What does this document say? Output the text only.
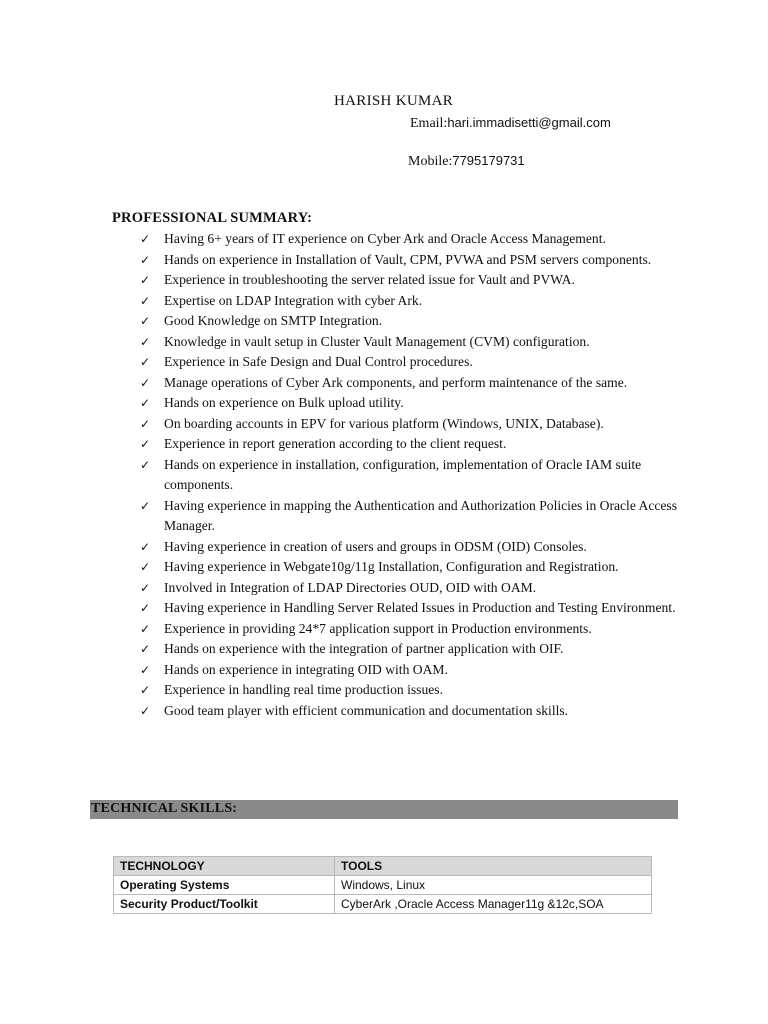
HARISH KUMAR
Email:hari.immadisetti@gmail.com
Mobile:7795179731
PROFESSIONAL SUMMARY:
✓ Having 6+ years of IT experience on Cyber Ark and Oracle Access Management.
✓ Hands on experience in Installation of Vault, CPM, PVWA and PSM servers components.
✓ Experience in troubleshooting the server related issue for Vault and PVWA.
✓ Expertise on LDAP Integration with cyber Ark.
✓ Good Knowledge on SMTP Integration.
✓ Knowledge in vault setup in Cluster Vault Management (CVM) configuration.
✓ Experience in Safe Design and Dual Control procedures.
✓ Manage operations of Cyber Ark components, and perform maintenance of the same.
✓ Hands on experience on Bulk upload utility.
✓ On boarding accounts in EPV for various platform (Windows, UNIX, Database).
✓ Experience in report generation according to the client request.
✓ Hands on experience in installation, configuration, implementation of Oracle IAM suite components.
✓ Having experience in mapping the Authentication and Authorization Policies in Oracle Access Manager.
✓ Having experience in creation of users and groups in ODSM (OID) Consoles.
✓ Having experience in Webgate10g/11g Installation, Configuration and Registration.
✓ Involved in Integration of LDAP Directories OUD, OID with OAM.
✓ Having experience in Handling Server Related Issues in Production and Testing Environment.
✓ Experience in providing 24*7 application support in Production environments.
✓ Hands on experience with the integration of partner application with OIF.
✓ Hands on experience in integrating OID with OAM.
✓ Experience in handling real time production issues.
✓ Good team player with efficient communication and documentation skills.
TECHNICAL SKILLS:
TECHNOLOGY	TOOLS
Operating Systems	Windows, Linux
Security Product/Toolkit	CyberArk ,Oracle Access Manager11g &12c,SOA
